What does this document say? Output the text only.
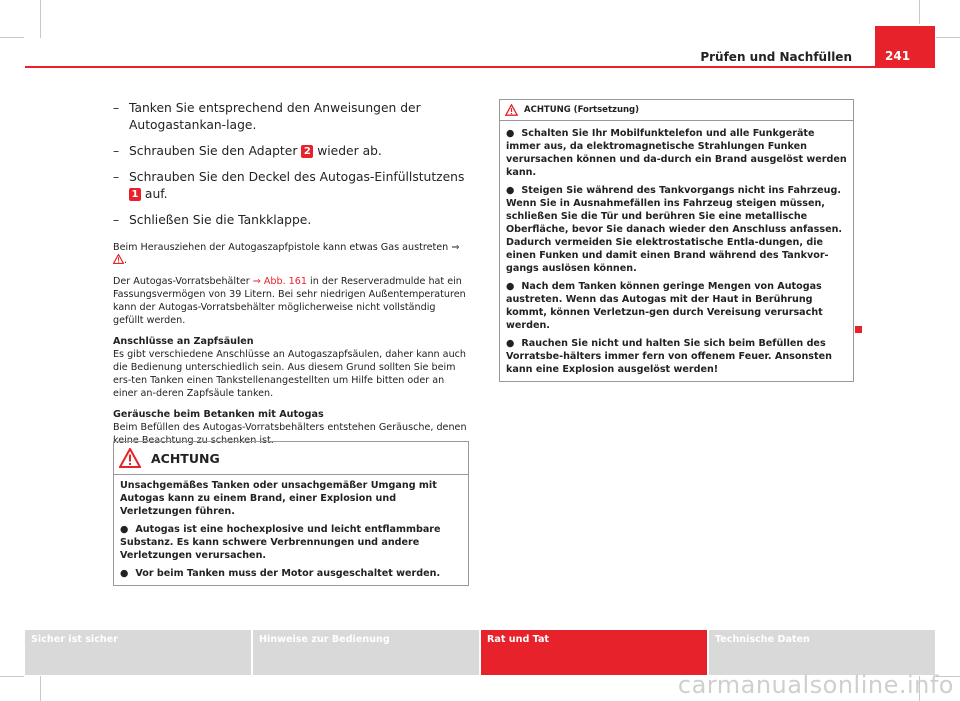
Prüfen und Nachfüllen	241
– Tanken Sie entsprechend den Anweisungen der Autogastankan-lage.
– Schrauben Sie den Adapter 2 wieder ab.
– Schrauben Sie den Deckel des Autogas-Einfüllstutzens 1 auf.
– Schließen Sie die Tankklappe.

Beim Herausziehen der Autogaszapfpistole kann etwas Gas austreten ⇒ .

Der Autogas-Vorratsbehälter ⇒ Abb. 161 in der Reserveradmulde hat ein Fassungsvermögen von 39 Litern. Bei sehr niedrigen Außentemperaturen kann der Autogas-Vorratsbehälter möglicherweise nicht vollständig gefüllt werden.

Anschlüsse an Zapfsäulen

Es gibt verschiedene Anschlüsse an Autogaszapfsäulen, daher kann auch die Bedienung unterschiedlich sein. Aus diesem Grund sollten Sie beim ers-ten Tanken einen Tankstellenangestellten um Hilfe bitten oder an einer an-deren Zapfsäule tanken.

Geräusche beim Betanken mit Autogas

Beim Befüllen des Autogas-Vorratsbehälters entstehen Geräusche, denen keine Beachtung zu schenken ist.

ACHTUNG

Unsachgemäßes Tanken oder unsachgemäßer Umgang mit Autogas kann zu einem Brand, einer Explosion und Verletzungen führen.

● Autogas ist eine hochexplosive und leicht entflammbare Substanz. Es kann schwere Verbrennungen und andere Verletzungen verursachen.

● Vor beim Tanken muss der Motor ausgeschaltet werden.

ACHTUNG (Fortsetzung)

● Schalten Sie Ihr Mobilfunktelefon und alle Funkgeräte immer aus, da elektromagnetische Strahlungen Funken verursachen können und da-durch ein Brand ausgelöst werden kann.

● Steigen Sie während des Tankvorgangs nicht ins Fahrzeug. Wenn Sie in Ausnahmefällen ins Fahrzeug steigen müssen, schließen Sie die Tür und berühren Sie eine metallische Oberfläche, bevor Sie danach wieder den Anschluss anfassen. Dadurch vermeiden Sie elektrostatische Entla-dungen, die einen Funken und damit einen Brand während des Tankvor-gangs auslösen können.

● Nach dem Tanken können geringe Mengen von Autogas austreten. Wenn das Autogas mit der Haut in Berührung kommt, können Verletzun-gen durch Vereisung verursacht werden.

● Rauchen Sie nicht und halten Sie sich beim Befüllen des Vorratsbe-hälters immer fern von offenem Feuer. Ansonsten kann eine Explosion ausgelöst werden!

Sicher ist sicher	Hinweise zur Bedienung	Rat und Tat	Technische Daten
carmanualsonline.info
